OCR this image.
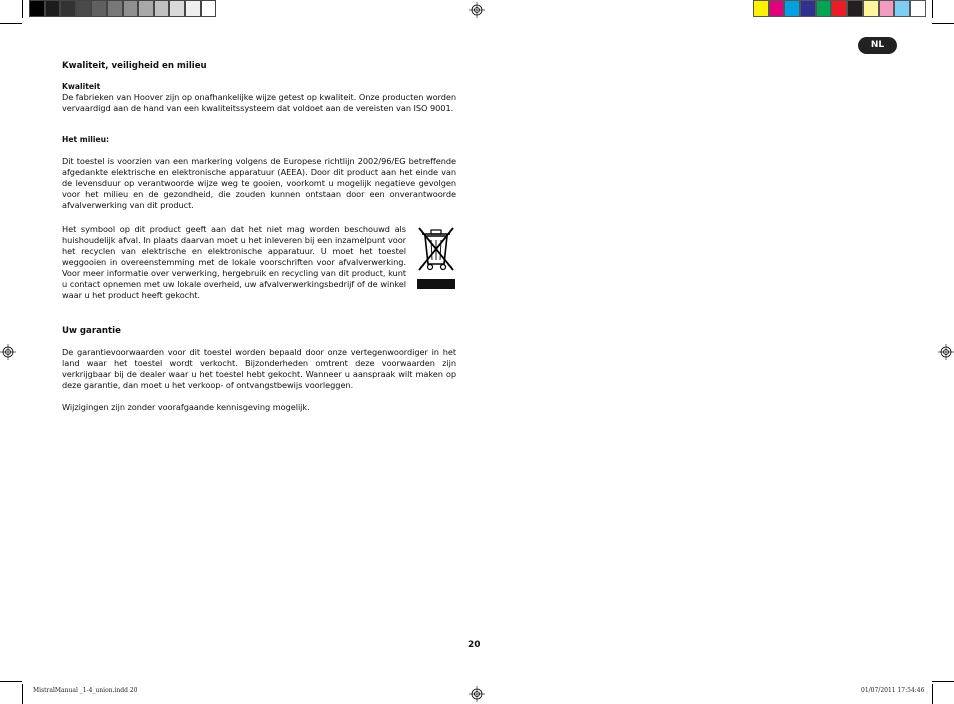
NL
Kwaliteit, veiligheid en milieu
Kwaliteit

De fabrieken van Hoover zijn op onafhankelijke wijze getest op kwaliteit. Onze producten worden vervaardigd aan de hand van een kwaliteitssysteem dat voldoet aan de vereisten van ISO 9001.

Het milieu:

Dit toestel is voorzien van een markering volgens de Europese richtlijn 2002/96/EG betreffende afgedankte elektrische en elektronische apparatuur (AEEA). Door dit product aan het einde van de levensduur op verantwoorde wijze weg te gooien, voorkomt u mogelijk negatieve gevolgen voor het milieu en de gezondheid, die zouden kunnen ontstaan door een onverantwoorde afvalverwerking van dit product.

Het symbool op dit product geeft aan dat het niet mag worden beschouwd als huishoudelijk afval. In plaats daarvan moet u het inleveren bij een inzamelpunt voor het recyclen van elektrische en elektronische apparatuur. U moet het toestel weggooien in overeenstemming met de lokale voorschriften voor afvalverwerking. Voor meer informatie over verwerking, hergebruik en recycling van dit product, kunt u contact opnemen met uw lokale overheid, uw afvalverwerkingsbedrijf of de winkel waar u het product heeft gekocht.

Uw garantie

De garantievoorwaarden voor dit toestel worden bepaald door onze vertegenwoordiger in het land waar het toestel wordt verkocht. Bijzonderheden omtrent deze voorwaarden zijn verkrijgbaar bij de dealer waar u het toestel hebt gekocht. Wanneer u aanspraak wilt maken op deze garantie, dan moet u het verkoop- of ontvangstbewijs voorleggen.

Wijzigingen zijn zonder voorafgaande kennisgeving mogelijk.

20
MistralManual _1-4_union.indd 20	01/07/2011 17:54:46
